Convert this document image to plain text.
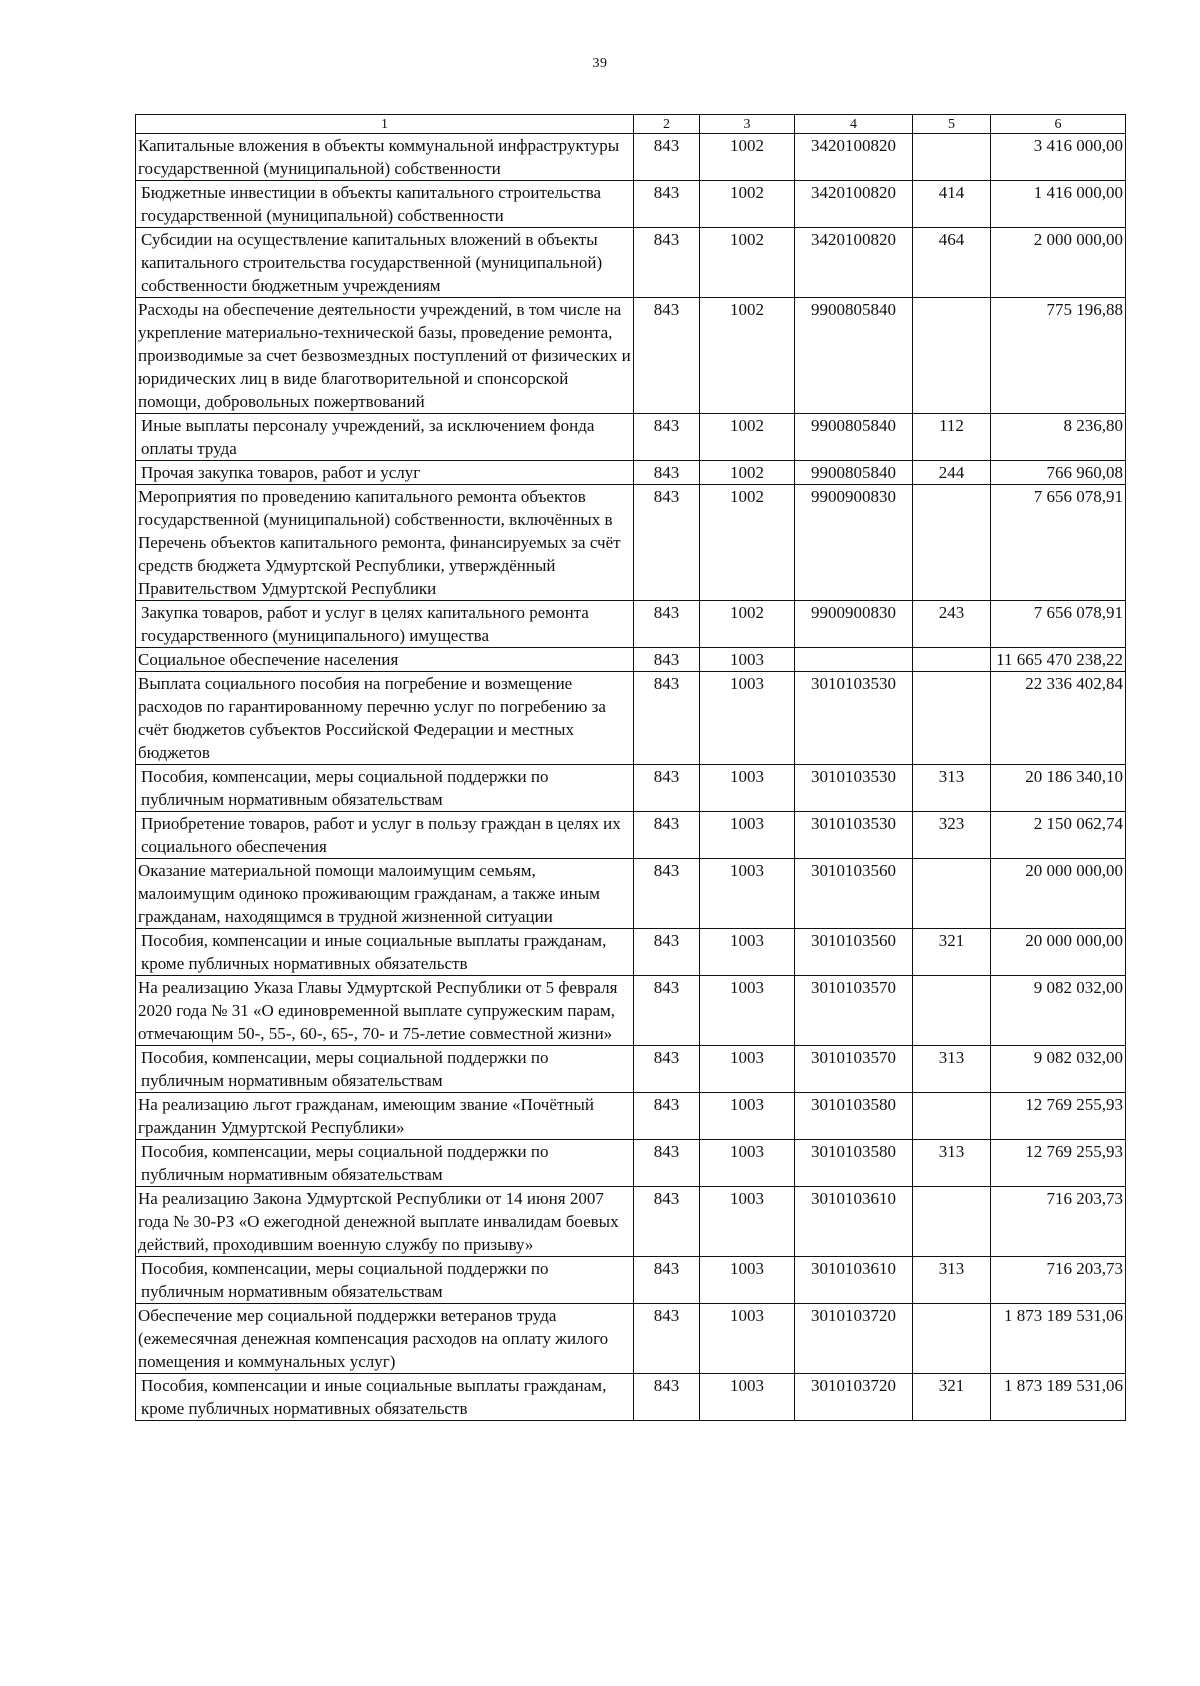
39
1	2	3	4	5	6
Капитальные вложения в объекты коммунальной инфраструктуры государственной (муниципальной) собственности	843	1002	3420100820		3 416 000,00
Бюджетные инвестиции в объекты капитального строительства государственной (муниципальной) собственности	843	1002	3420100820	414	1 416 000,00
Субсидии на осуществление капитальных вложений в объекты капитального строительства государственной (муниципальной) собственности бюджетным учреждениям	843	1002	3420100820	464	2 000 000,00
Расходы на обеспечение деятельности учреждений, в том числе на укрепление материально-технической базы, проведение ремонта, производимые за счет безвозмездных поступлений от физических и юридических лиц в виде благотворительной и спонсорской помощи, добровольных пожертвований	843	1002	9900805840		775 196,88
Иные выплаты персоналу учреждений, за исключением фонда оплаты труда	843	1002	9900805840	112	8 236,80
Прочая закупка товаров, работ и услуг	843	1002	9900805840	244	766 960,08
Мероприятия по проведению капитального ремонта объектов государственной (муниципальной) собственности, включённых в Перечень объектов капитального ремонта, финансируемых за счёт средств бюджета Удмуртской Республики, утверждённый Правительством Удмуртской Республики	843	1002	9900900830		7 656 078,91
Закупка товаров, работ и услуг в целях капитального ремонта государственного (муниципального) имущества	843	1002	9900900830	243	7 656 078,91
Социальное обеспечение населения	843	1003			11 665 470 238,22
Выплата социального пособия на погребение и возмещение расходов по гарантированному перечню услуг по погребению за счёт бюджетов субъектов Российской Федерации и местных бюджетов	843	1003	3010103530		22 336 402,84
Пособия, компенсации, меры социальной поддержки по публичным нормативным обязательствам	843	1003	3010103530	313	20 186 340,10
Приобретение товаров, работ и услуг в пользу граждан в целях их социального обеспечения	843	1003	3010103530	323	2 150 062,74
Оказание материальной помощи малоимущим семьям, малоимущим одиноко проживающим гражданам, а также иным гражданам, находящимся в трудной жизненной ситуации	843	1003	3010103560		20 000 000,00
Пособия, компенсации и иные социальные выплаты гражданам, кроме публичных нормативных обязательств	843	1003	3010103560	321	20 000 000,00
На реализацию Указа Главы Удмуртской Республики от 5 февраля 2020 года № 31 «О единовременной выплате супружеским парам, отмечающим 50-, 55-, 60-, 65-, 70- и 75-летие совместной жизни»	843	1003	3010103570		9 082 032,00
Пособия, компенсации, меры социальной поддержки по публичным нормативным обязательствам	843	1003	3010103570	313	9 082 032,00
На реализацию льгот гражданам, имеющим звание «Почётный гражданин Удмуртской Республики»	843	1003	3010103580		12 769 255,93
Пособия, компенсации, меры социальной поддержки по публичным нормативным обязательствам	843	1003	3010103580	313	12 769 255,93
На реализацию Закона Удмуртской Республики от 14 июня 2007 года № 30-РЗ «О ежегодной денежной выплате инвалидам боевых действий, проходившим военную службу по призыву»	843	1003	3010103610		716 203,73
Пособия, компенсации, меры социальной поддержки по публичным нормативным обязательствам	843	1003	3010103610	313	716 203,73
Обеспечение мер социальной поддержки ветеранов труда (ежемесячная денежная компенсация расходов на оплату жилого помещения и коммунальных услуг)	843	1003	3010103720		1 873 189 531,06
Пособия, компенсации и иные социальные выплаты гражданам, кроме публичных нормативных обязательств	843	1003	3010103720	321	1 873 189 531,06
